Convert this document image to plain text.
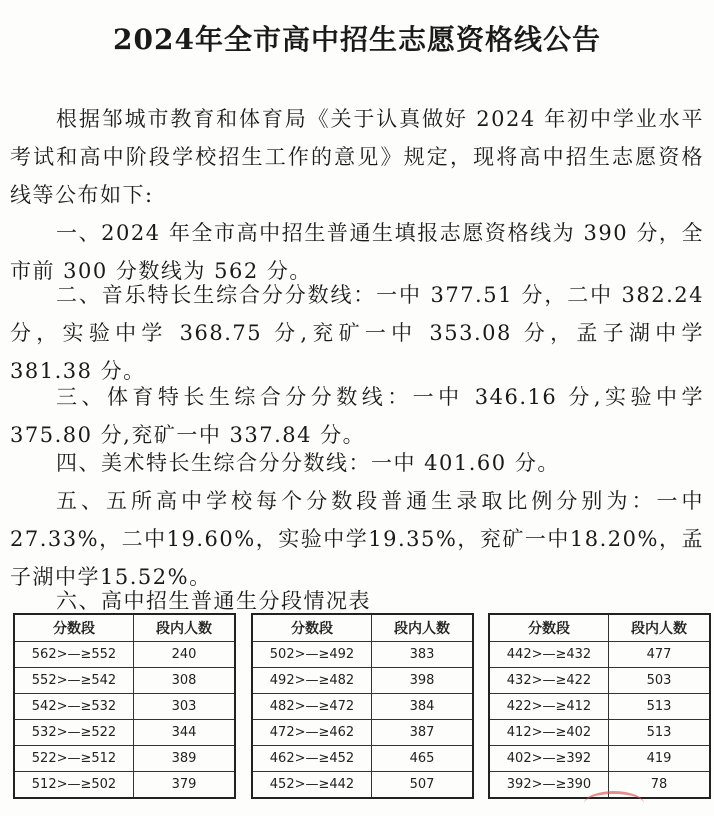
2024年全市高中招生志愿资格线公告
根据邹城市教育和体育局《关于认真做好 2024 年初中学业水平考试和高中阶段学校招生工作的意见》规定，现将高中招生志愿资格线等公布如下:
一、2024 年全市高中招生普通生填报志愿资格线为 390 分，全市前 300 分数线为 562 分。
二、音乐特长生综合分分数线：一中 377.51 分，二中 382.24 分，实验中学 368.75 分,兖矿一中 353.08 分，孟子湖中学 381.38 分。
三、体育特长生综合分分数线：一中 346.16 分,实验中学 375.80 分,兖矿一中 337.84 分。
四、美术特长生综合分分数线：一中 401.60 分。
五、五所高中学校每个分数段普通生录取比例分别为：一中 27.33%，二中19.60%，实验中学19.35%，兖矿一中18.20%，孟子湖中学15.52%。
六、高中招生普通生分段情况表
分数段	段内人数
562>—≥552	240
552>—≥542	308
542>—≥532	303
532>—≥522	344
522>—≥512	389
512>—≥502	379
分数段	段内人数
502>—≥492	383
492>—≥482	398
482>—≥472	384
472>—≥462	387
462>—≥452	465
452>—≥442	507
分数段	段内人数
442>—≥432	477
432>—≥422	503
422>—≥412	513
412>—≥402	513
402>—≥392	419
392>—≥390	78
